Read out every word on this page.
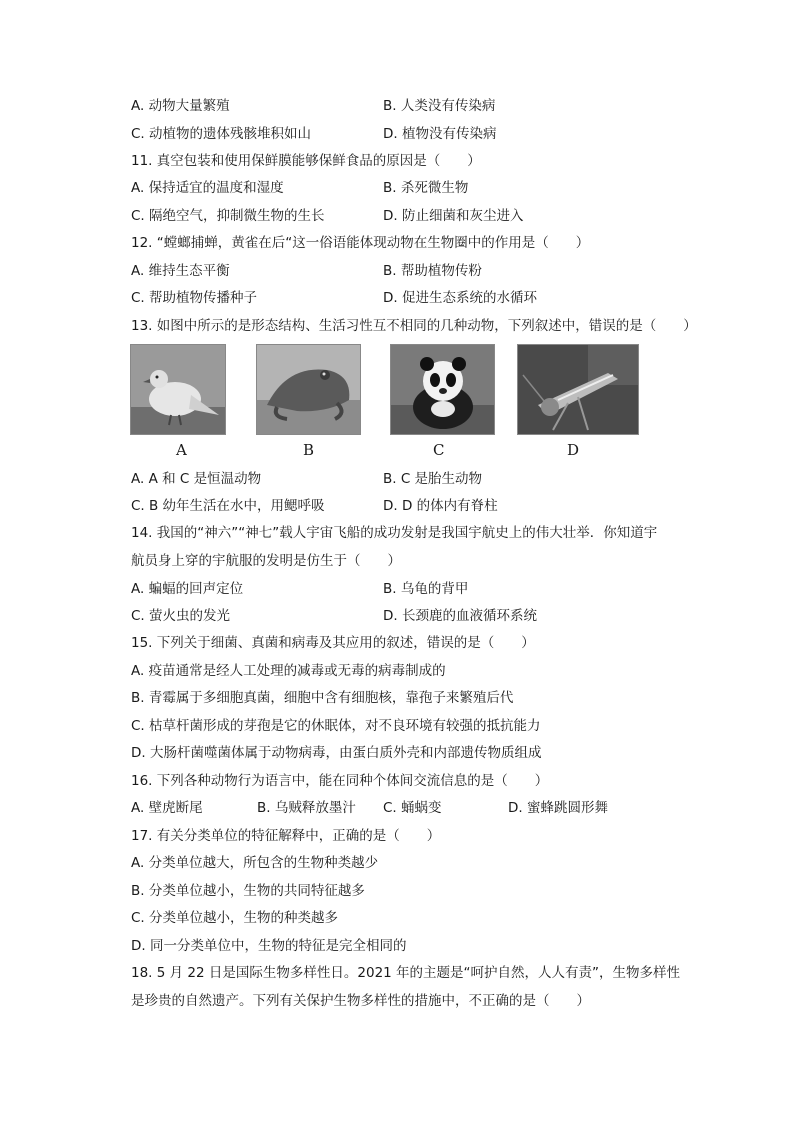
A. 动物大量繁殖	B. 人类没有传染病
C. 动植物的遗体残骸堆积如山	D. 植物没有传染病
11. 真空包装和使用保鲜膜能够保鲜食品的原因是（　　）
A. 保持适宜的温度和湿度	B. 杀死微生物
C. 隔绝空气，抑制微生物的生长	D. 防止细菌和灰尘进入
12. “螳螂捕蝉，黄雀在后“这一俗语能体现动物在生物圈中的作用是（　　）
A. 维持生态平衡	B. 帮助植物传粉
C. 帮助植物传播种子	D. 促进生态系统的水循环
13. 如图中所示的是形态结构、生活习性互不相同的几种动物，下列叙述中，错误的是（　　）
A	B	C	D
A. A 和 C 是恒温动物	B. C 是胎生动物
C. B 幼年生活在水中，用鳃呼吸	D. D 的体内有脊柱
14. 我国的“神六”“神七”载人宇宙飞船的成功发射是我国宇航史上的伟大壮举．你知道宇
航员身上穿的宇航服的发明是仿生于（　　）
A. 蝙蝠的回声定位	B. 乌龟的背甲
C. 萤火虫的发光	D. 长颈鹿的血液循环系统
15. 下列关于细菌、真菌和病毒及其应用的叙述，错误的是（　　）
A. 疫苗通常是经人工处理的减毒或无毒的病毒制成的
B. 青霉属于多细胞真菌，细胞中含有细胞核，靠孢子来繁殖后代
C. 枯草杆菌形成的芽孢是它的休眠体，对不良环境有较强的抵抗能力
D. 大肠杆菌噬菌体属于动物病毒，由蛋白质外壳和内部遗传物质组成
16. 下列各种动物行为语言中，能在同种个体间交流信息的是（　　）
A. 壁虎断尾	B. 乌贼释放墨汁 C. 蛹蜗变	D. 蜜蜂跳圆形舞
17. 有关分类单位的特征解释中，正确的是（　　）
A. 分类单位越大，所包含的生物种类越少
B. 分类单位越小，生物的共同特征越多
C. 分类单位越小，生物的种类越多
D. 同一分类单位中，生物的特征是完全相同的
18. 5 月 22 日是国际生物多样性日。2021 年的主题是“呵护自然，人人有责”，生物多样性
是珍贵的自然遗产。下列有关保护生物多样性的措施中，不正确的是（　　）
